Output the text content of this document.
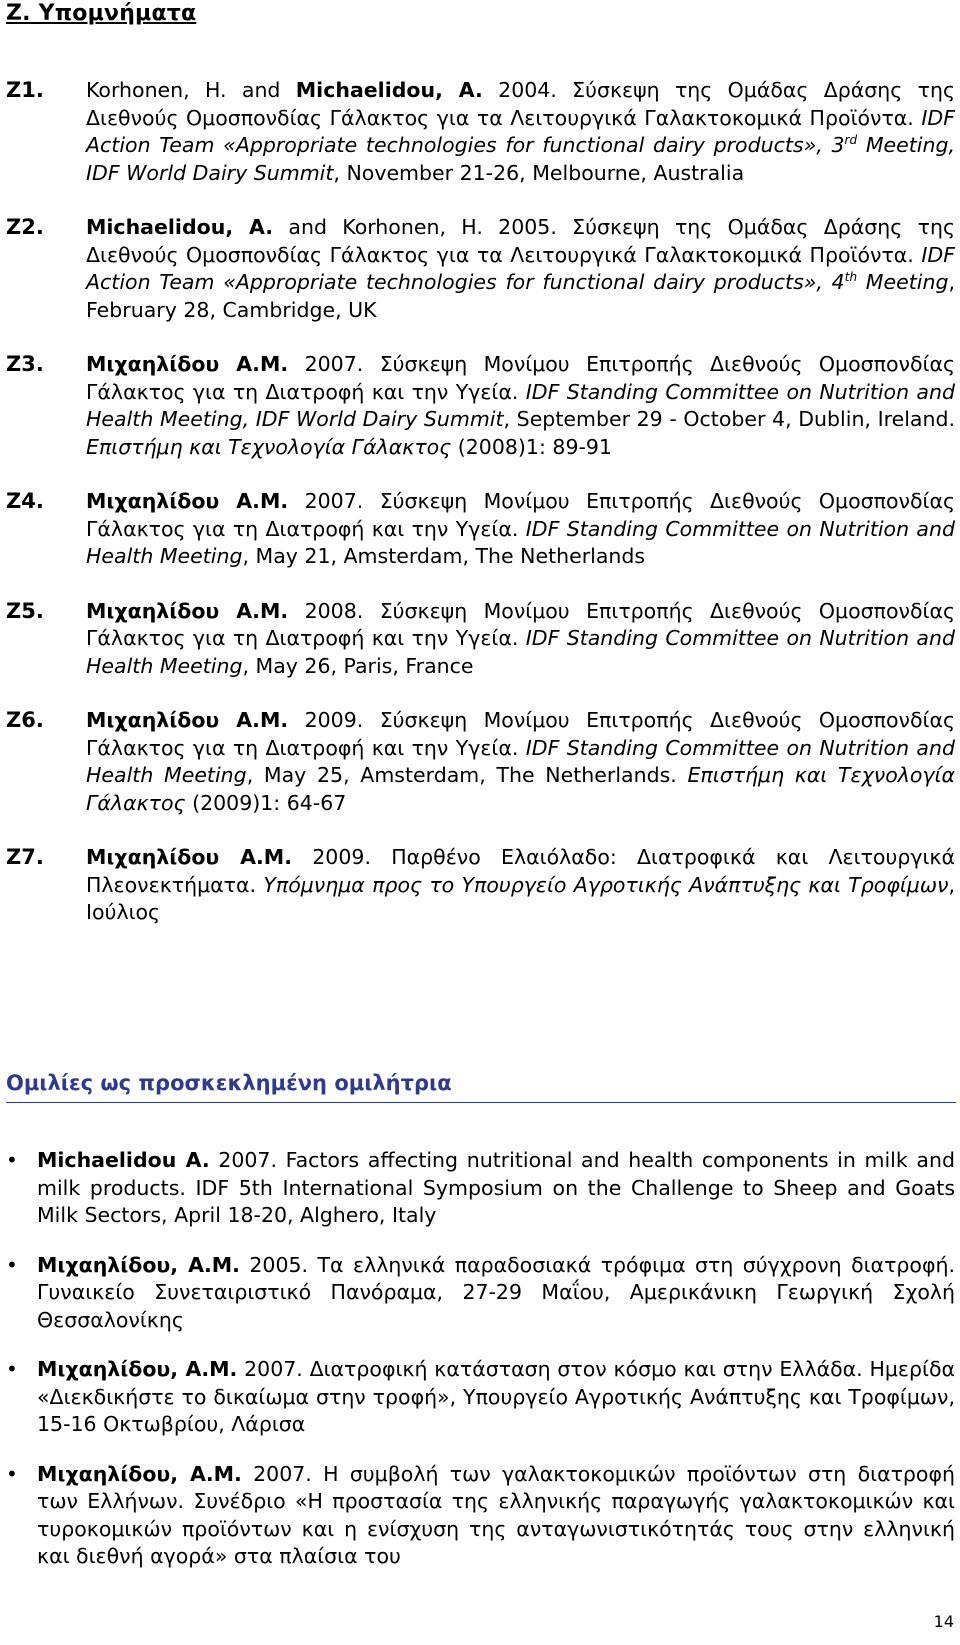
Ζ. Υπομνήματα
Ζ1. Korhonen, H. and Michaelidou, A. 2004. Σύσκεψη της Ομάδας Δράσης της Διεθνούς Ομοσπονδίας Γάλακτος για τα Λειτουργικά Γαλακτοκομικά Προϊόντα. IDF Action Team «Appropriate technologies for functional dairy products», 3rd Meeting, IDF World Dairy Summit, November 21-26, Melbourne, Australia
Ζ2. Michaelidou, A. and Korhonen, H. 2005. Σύσκεψη της Ομάδας Δράσης της Διεθνούς Ομοσπονδίας Γάλακτος για τα Λειτουργικά Γαλακτοκομικά Προϊόντα. IDF Action Team «Appropriate technologies for functional dairy products», 4th Meeting, February 28, Cambridge, UK
Ζ3. Μιχαηλίδου Α.Μ. 2007. Σύσκεψη Μονίμου Επιτροπής Διεθνούς Ομοσπονδίας Γάλακτος για τη Διατροφή και την Υγεία. IDF Standing Committee on Nutrition and Health Meeting, IDF World Dairy Summit, September 29 - October 4, Dublin, Ireland. Επιστήμη και Τεχνολογία Γάλακτος (2008)1: 89-91
Ζ4. Μιχαηλίδου Α.Μ. 2007. Σύσκεψη Μονίμου Επιτροπής Διεθνούς Ομοσπονδίας Γάλακτος για τη Διατροφή και την Υγεία. IDF Standing Committee on Nutrition and Health Meeting, May 21, Amsterdam, The Netherlands
Ζ5. Μιχαηλίδου Α.Μ. 2008. Σύσκεψη Μονίμου Επιτροπής Διεθνούς Ομοσπονδίας Γάλακτος για τη Διατροφή και την Υγεία. IDF Standing Committee on Nutrition and Health Meeting, May 26, Paris, France
Ζ6. Μιχαηλίδου Α.Μ. 2009. Σύσκεψη Μονίμου Επιτροπής Διεθνούς Ομοσπονδίας Γάλακτος για τη Διατροφή και την Υγεία. IDF Standing Committee on Nutrition and Health Meeting, May 25, Amsterdam, The Netherlands. Επιστήμη και Τεχνολογία Γάλακτος (2009)1: 64-67
Ζ7. Μιχαηλίδου Α.Μ. 2009. Παρθένο Ελαιόλαδο: Διατροφικά και Λειτουργικά Πλεονεκτήματα. Υπόμνημα προς το Υπουργείο Αγροτικής Ανάπτυξης και Τροφίμων, Ιούλιος
Ομιλίες ως προσκεκλημένη ομιλήτρια
• Michaelidou A. 2007. Factors affecting nutritional and health components in milk and milk products. IDF 5th International Symposium on the Challenge to Sheep and Goats Milk Sectors, April 18-20, Alghero, Italy
• Μιχαηλίδου, Α.Μ. 2005. Τα ελληνικά παραδοσιακά τρόφιμα στη σύγχρονη διατροφή. Γυναικείο Συνεταιριστικό Πανόραμα, 27-29 Μαΐου, Αμερικάνικη Γεωργική Σχολή Θεσσαλονίκης
• Μιχαηλίδου, Α.Μ. 2007. Διατροφική κατάσταση στον κόσμο και στην Ελλάδα. Ημερίδα «Διεκδικήστε το δικαίωμα στην τροφή», Υπουργείο Αγροτικής Ανάπτυξης και Τροφίμων, 15-16 Οκτωβρίου, Λάρισα
• Μιχαηλίδου, Α.Μ. 2007. Η συμβολή των γαλακτοκομικών προϊόντων στη διατροφή των Ελλήνων. Συνέδριο «Η προστασία της ελληνικής παραγωγής γαλακτοκομικών και τυροκομικών προϊόντων και η ενίσχυση της ανταγωνιστικότητάς τους στην ελληνική και διεθνή αγορά» στα πλαίσια του
14
